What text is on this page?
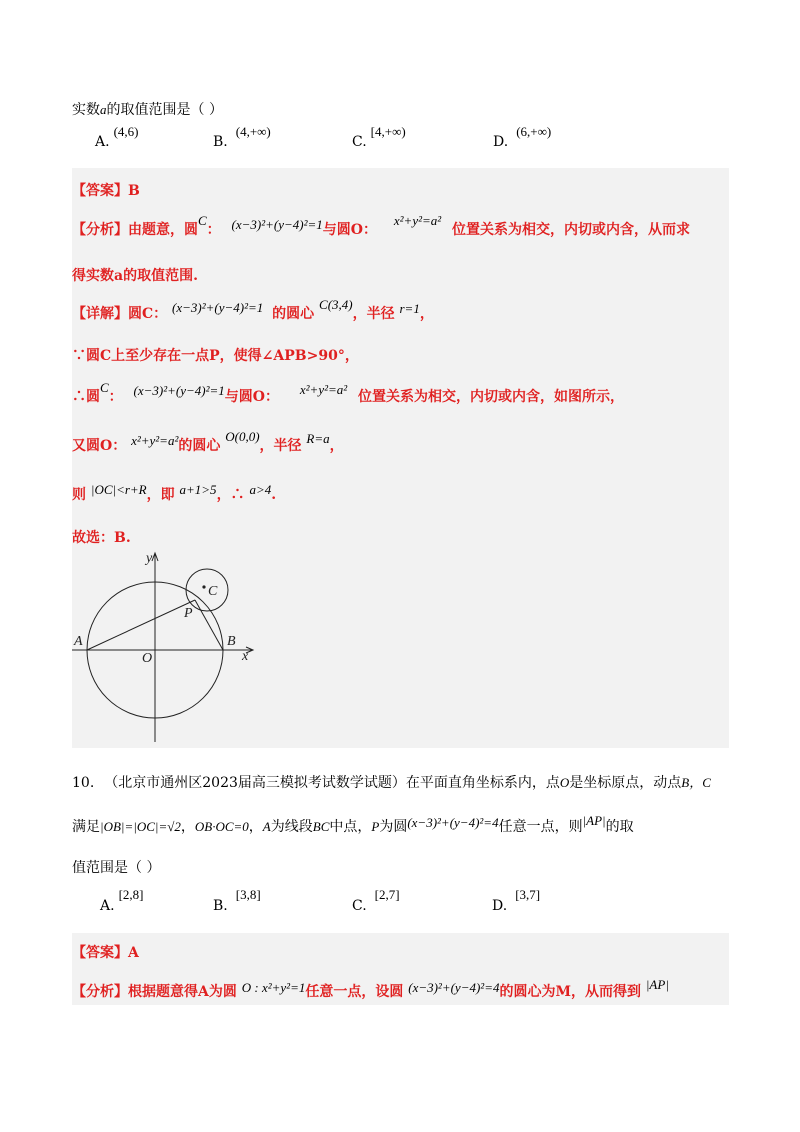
实数a的取值范围是（ ）
A.(4,6)
B.(4,+∞)
C.[4,+∞)
D.(6,+∞)
【答案】B
【分析】由题意，圆C： (x−3)²+(y−4)²=1与圆O： x²+y²=a² 位置关系为相交，内切或内含，从而求
得实数a的取值范围.
【详解】圆C： (x−3)²+(y−4)²=1 的圆心 C(3,4)，半径 r=1，
∵圆C上至少存在一点P，使得∠APB>90°，
∴圆C： (x−3)²+(y−4)²=1与圆O： x²+y²=a² 位置关系为相交，内切或内含，如图所示，
又圆O： x²+y²=a²的圆心 O(0,0)，半径 R=a，
则 |OC|<r+R，即 a+1>5，∴ a>4.
故选：B.
y
x
C
P
A	B
O
10. （北京市通州区2023届高三模拟考试数学试题）在平面直角坐标系内，点O是坐标原点，动点B，C
满足|OB|=|OC|=√2，OB·OC=0，A为线段BC中点，P为圆(x−3)²+(y−4)²=4任意一点，则|AP|的取
值范围是（ ）
A.[2,8]
B.[3,8]
C.[2,7]
D.[3,7]
【答案】A
【分析】根据题意得A为圆 O : x²+y²=1任意一点，设圆 (x−3)²+(y−4)²=4的圆心为M，从而得到 |AP|
